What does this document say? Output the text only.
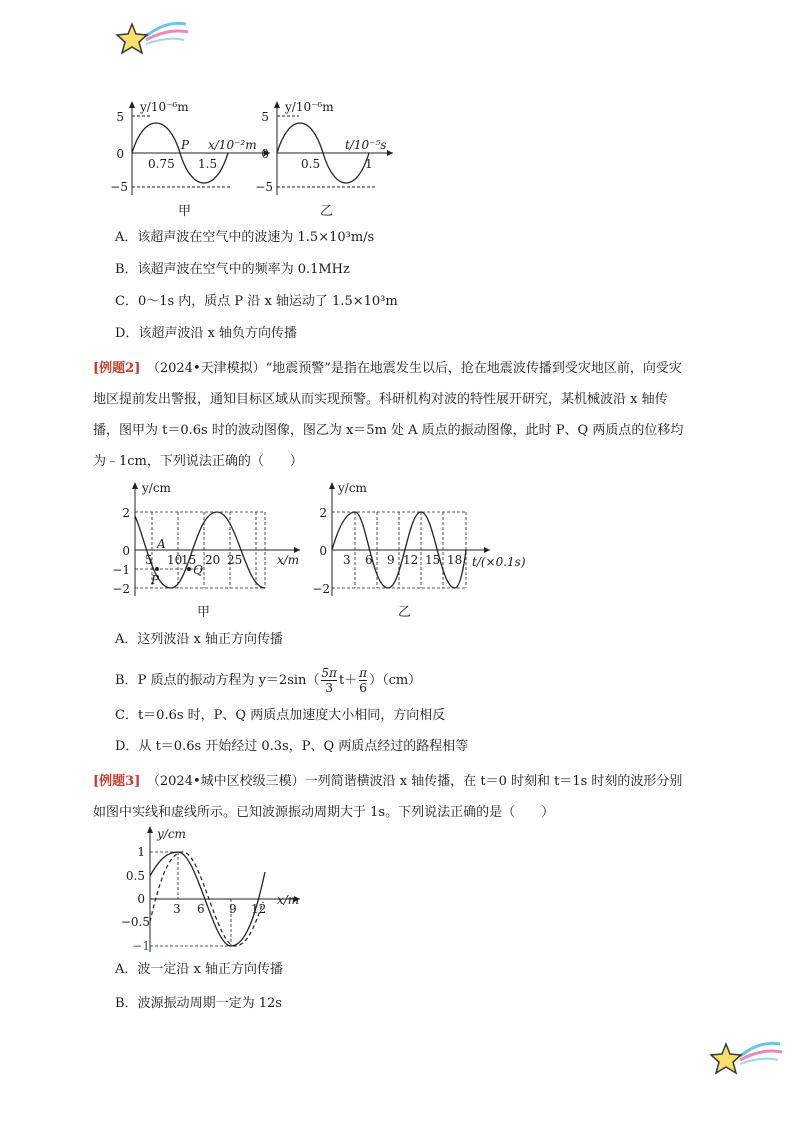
y/10⁻⁶m
5
0
−5
0.75 1.5
P x/10⁻²m
甲
y/10⁻⁶m
5
0
−5
0.5	1
t/10⁻⁵s
乙
A．该超声波在空气中的波速为 1.5×10³m/s
B．该超声波在空气中的频率为 0.1MHz
C．0～1s 内，质点 P 沿 x 轴运动了 1.5×10³m
D．该超声波沿 x 轴负方向传播
[例题2]　 （2024•天津模拟）“地震预警”是指在地震发生以后，抢在地震波传播到受灾地区前，向受灾地区提前发出警报，通知目标区域从而实现预警。科研机构对波的特性展开研究，某机械波沿 x 轴传播，图甲为 t＝0.6s 时的波动图像，图乙为 x＝5m 处 A 质点的振动图像，此时 P、Q 两质点的位移均为﹣1cm，下列说法正确的（　　）
y/cm
2
0
−1
−2
5 10
15 20 25
A
P
Q
x/m
甲
y/cm
2
0
−2
3 6 9 12 15 18 t/(×0.1s)
乙
A．这列波沿 x 轴正方向传播
B．P 质点的振动方程为 $y=2\sin( \frac{5\pi}{3} t+ \frac{\pi}{6} )(cm)$
C．t＝0.6s 时，P、Q 两质点加速度大小相同，方向相反
D．从 t＝0.6s 开始经过 0.3s，P、Q 两质点经过的路程相等
[例题3]　 （2024•城中区校级三模）一列简谐横波沿 x 轴传播，在 t＝0 时刻和 t＝1s 时刻的波形分别如图中实线和虚线所示。已知波源振动周期大于 1s。下列说法正确的是（　　）
y/cm
1
0.5
0
−0.5
−1
3 6 9 12
x/m
A．波一定沿 x 轴正方向传播
B．波源振动周期一定为 12s
